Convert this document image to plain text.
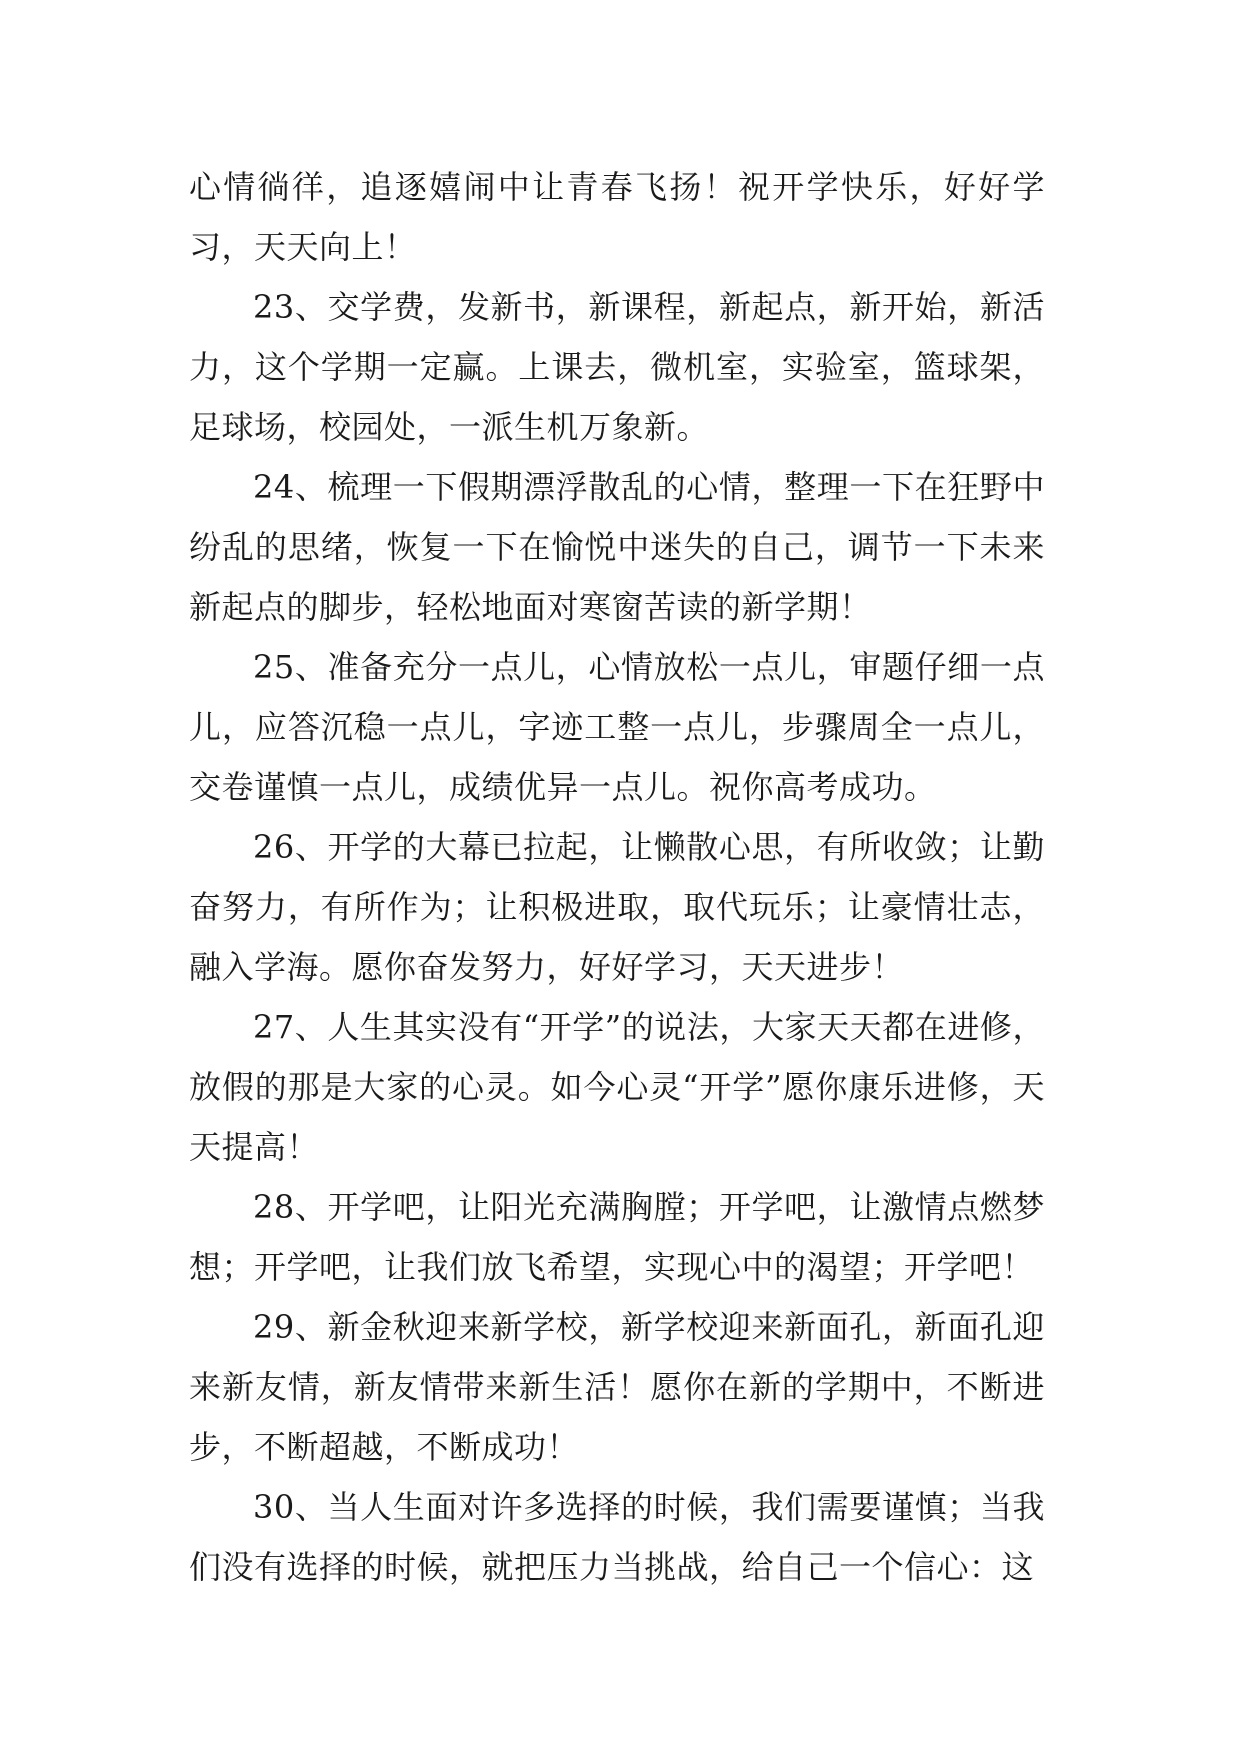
心情徜徉，追逐嬉闹中让青春飞扬！祝开学快乐，好好学习，天天向上！

23、交学费，发新书，新课程，新起点，新开始，新活力，这个学期一定赢。上课去，微机室，实验室，篮球架，足球场，校园处，一派生机万象新。

24、梳理一下假期漂浮散乱的心情，整理一下在狂野中纷乱的思绪，恢复一下在愉悦中迷失的自己，调节一下未来新起点的脚步，轻松地面对寒窗苦读的新学期！

25、准备充分一点儿，心情放松一点儿，审题仔细一点儿，应答沉稳一点儿，字迹工整一点儿，步骤周全一点儿，交卷谨慎一点儿，成绩优异一点儿。祝你高考成功。

26、开学的大幕已拉起，让懒散心思，有所收敛；让勤奋努力，有所作为；让积极进取，取代玩乐；让豪情壮志，融入学海。愿你奋发努力，好好学习，天天进步！

27、人生其实没有“开学”的说法，大家天天都在进修，放假的那是大家的心灵。如今心灵“开学”愿你康乐进修，天天提高！

28、开学吧，让阳光充满胸膛；开学吧，让激情点燃梦想；开学吧，让我们放飞希望，实现心中的渴望；开学吧！

29、新金秋迎来新学校，新学校迎来新面孔，新面孔迎来新友情，新友情带来新生活！愿你在新的学期中，不断进步，不断超越，不断成功！

30、当人生面对许多选择的时候，我们需要谨慎；当我们没有选择的时候，就把压力当挑战，给自己一个信心：这
